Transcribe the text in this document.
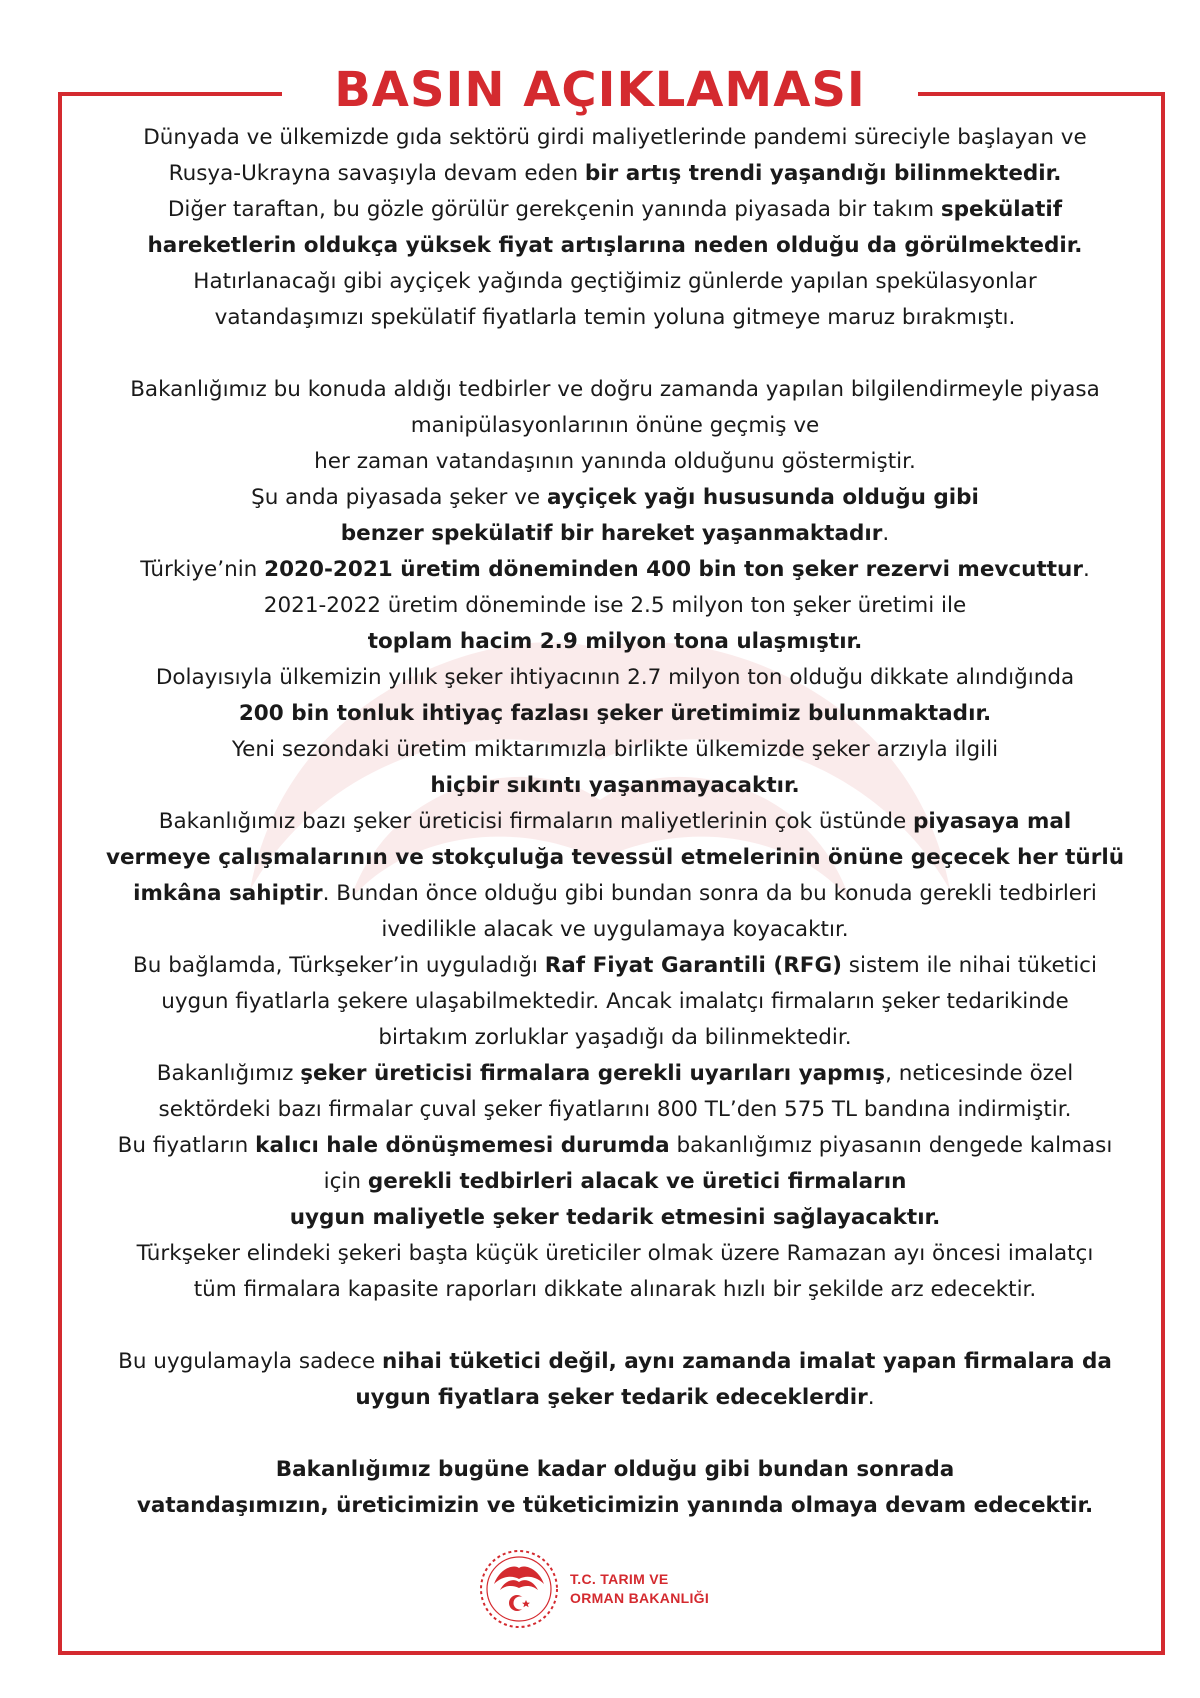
BASIN AÇIKLAMASI

Dünyada ve ülkemizde gıda sektörü girdi maliyetlerinde pandemi süreciyle başlayan ve

Rusya-Ukrayna savaşıyla devam eden bir artış trendi yaşandığı bilinmektedir.

Diğer taraftan, bu gözle görülür gerekçenin yanında piyasada bir takım spekülatif

hareketlerin oldukça yüksek fiyat artışlarına neden olduğu da görülmektedir.

Hatırlanacağı gibi ayçiçek yağında geçtiğimiz günlerde yapılan spekülasyonlar

vatandaşımızı spekülatif fiyatlarla temin yoluna gitmeye maruz bırakmıştı.

Bakanlığımız bu konuda aldığı tedbirler ve doğru zamanda yapılan bilgilendirmeyle piyasa

manipülasyonlarının önüne geçmiş ve

her zaman vatandaşının yanında olduğunu göstermiştir.

Şu anda piyasada şeker ve ayçiçek yağı hususunda olduğu gibi

benzer spekülatif bir hareket yaşanmaktadır.

Türkiye’nin 2020-2021 üretim döneminden 400 bin ton şeker rezervi mevcuttur.

2021-2022 üretim döneminde ise 2.5 milyon ton şeker üretimi ile

toplam hacim 2.9 milyon tona ulaşmıştır.

Dolayısıyla ülkemizin yıllık şeker ihtiyacının 2.7 milyon ton olduğu dikkate alındığında

200 bin tonluk ihtiyaç fazlası şeker üretimimiz bulunmaktadır.

Yeni sezondaki üretim miktarımızla birlikte ülkemizde şeker arzıyla ilgili

hiçbir sıkıntı yaşanmayacaktır.

Bakanlığımız bazı şeker üreticisi firmaların maliyetlerinin çok üstünde piyasaya mal

vermeye çalışmalarının ve stokçuluğa tevessül etmelerinin önüne geçecek her türlü

imkâna sahiptir. Bundan önce olduğu gibi bundan sonra da bu konuda gerekli tedbirleri

ivedilikle alacak ve uygulamaya koyacaktır.

Bu bağlamda, Türkşeker’in uyguladığı Raf Fiyat Garantili (RFG) sistem ile nihai tüketici

uygun fiyatlarla şekere ulaşabilmektedir. Ancak imalatçı firmaların şeker tedarikinde

birtakım zorluklar yaşadığı da bilinmektedir.

Bakanlığımız şeker üreticisi firmalara gerekli uyarıları yapmış, neticesinde özel

sektördeki bazı firmalar çuval şeker fiyatlarını 800 TL’den 575 TL bandına indirmiştir.

Bu fiyatların kalıcı hale dönüşmemesi durumda bakanlığımız piyasanın dengede kalması

için gerekli tedbirleri alacak ve üretici firmaların

uygun maliyetle şeker tedarik etmesini sağlayacaktır.

Türkşeker elindeki şekeri başta küçük üreticiler olmak üzere Ramazan ayı öncesi imalatçı

tüm firmalara kapasite raporları dikkate alınarak hızlı bir şekilde arz edecektir.

Bu uygulamayla sadece nihai tüketici değil, aynı zamanda imalat yapan firmalara da

uygun fiyatlara şeker tedarik edeceklerdir.

Bakanlığımız bugüne kadar olduğu gibi bundan sonrada

vatandaşımızın, üreticimizin ve tüketicimizin yanında olmaya devam edecektir.

T.C. TARIM VE
ORMAN BAKANLIĞI
